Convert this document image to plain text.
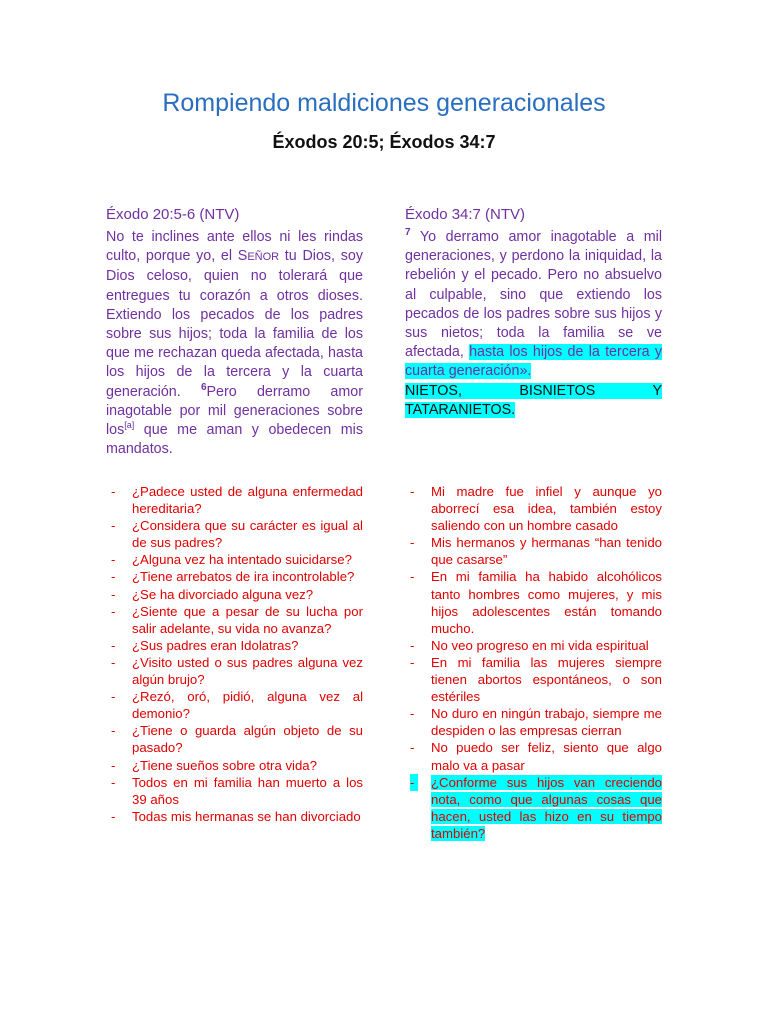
Rompiendo maldiciones generacionales
Éxodos 20:5; Éxodos 34:7

Éxodo 20:5-6 (NTV)

No te inclines ante ellos ni les rindas culto, porque yo, el SEÑOR tu Dios, soy Dios celoso, quien no tolerará que entregues tu corazón a otros dioses. Extiendo los pecados de los padres sobre sus hijos; toda la familia de los que me rechazan queda afectada, hasta los hijos de la tercera y la cuarta generación. $^6$Pero derramo amor inagotable por mil generaciones sobre los[a] que me aman y obedecen mis mandatos.

Éxodo 34:7 (NTV)

$^7$ Yo derramo amor inagotable a mil generaciones, y perdono la iniquidad, la rebelión y el pecado. Pero no absuelvo al culpable, sino que extiendo los pecados de los padres sobre sus hijos y sus nietos; toda la familia se ve afectada, hasta los hijos de la tercera y cuarta generación».
NIETOS, BISNIETOS Y TATARANIETOS.

- ¿Padece usted de alguna enfermedad hereditaria?
- ¿Considera que su carácter es igual al de sus padres?
- ¿Alguna vez ha intentado suicidarse?
- ¿Tiene arrebatos de ira incontrolable?
- ¿Se ha divorciado alguna vez?
- ¿Siente que a pesar de su lucha por salir adelante, su vida no avanza?
- ¿Sus padres eran Idolatras?
- ¿Visito usted o sus padres alguna vez algún brujo?
- ¿Rezó, oró, pidió, alguna vez al demonio?
- ¿Tiene o guarda algún objeto de su pasado?
- ¿Tiene sueños sobre otra vida?
- Todos en mi familia han muerto a los 39 años
- Todas mis hermanas se han divorciado
- Mi madre fue infiel y aunque yo aborrecí esa idea, también estoy saliendo con un hombre casado
- Mis hermanos y hermanas “han tenido que casarse”
- En mi familia ha habido alcohólicos tanto hombres como mujeres, y mis hijos adolescentes están tomando mucho.
- No veo progreso en mi vida espiritual
- En mi familia las mujeres siempre tienen abortos espontáneos, o son estériles
- No duro en ningún trabajo, siempre me despiden o las empresas cierran
- No puedo ser feliz, siento que algo malo va a pasar
-	¿Conforme sus hijos van creciendo nota, como que algunas cosas que hacen, usted las hizo en su tiempo también?
